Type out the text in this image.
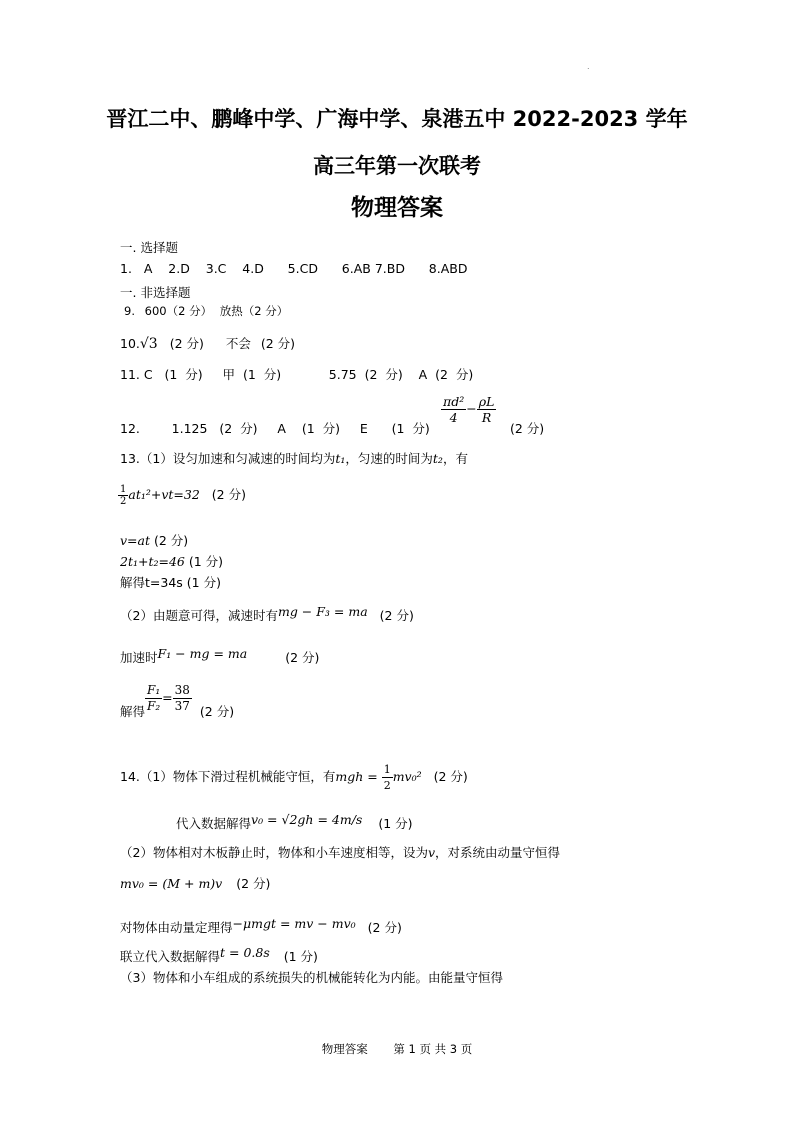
.
晋江二中、鹏峰中学、广海中学、泉港五中 2022-2023 学年
高三年第一次联考
物理答案
一. 选择题
1.   A    2.D    3.C    4.D      5.CD      6.AB 7.BD      8.ABD
一. 非选择题
9. 600（2 分） 放热（2 分）
10.√3 (2 分) 不会 (2 分)
11. C   (1  分)     甲  (1  分)            5.75  (2  分)    A  (2  分)
12.        1.125   (2  分)     A    (1  分)     E      (1  分)
$\frac{\text{πd²}}{4} - \frac{\rho L}{R}$
(2 分)
13.（1）设匀加速和匀减速的时间均为t₁，匀速的时间为t₂，有
$\frac{1}{2} at_1^2+vt=32$ (2 分)
v=at (2 分)
2t₁+t₂=46 (1 分)
解得t=34s (1 分)
（2）由题意可得，减速时有mg − F₃ = ma (2 分)
加速时F₁ − mg = ma	(2 分)
解得 $\frac{\text{F₁}}{\text{F₂}} = \frac{38}{37} (2$ 分)
14.（1）物体下滑过程机械能守恒，有mgh = $\frac{1}{2} mv_0^2$ (2 分)
代入数据解得v₀ = √2gh = 4m/s (1 分)
（2）物体相对木板静止时，物体和小车速度相等，设为v，对系统由动量守恒得
mv₀ = (M + m)v (2 分)
对物体由动量定理得−μmgt = mv − mv₀ (2 分)
联立代入数据解得t = 0.8s (1 分)
（3）物体和小车组成的系统损失的机械能转化为内能。由能量守恒得
物理答案 第 1 页 共 3 页
